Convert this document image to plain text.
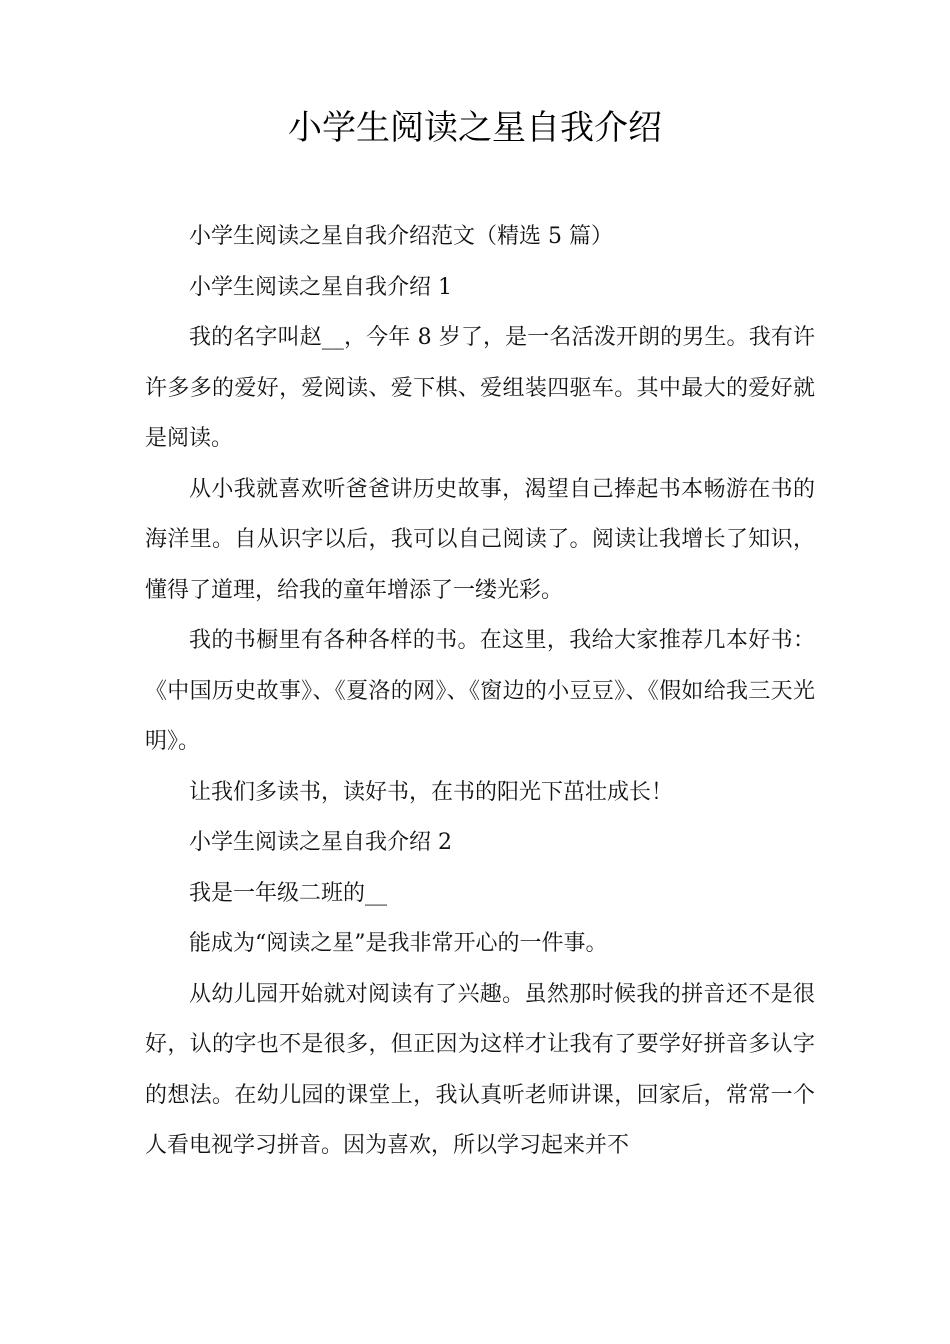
小学生阅读之星自我介绍

小学生阅读之星自我介绍范文（精选 5 篇）

小学生阅读之星自我介绍 1

我的名字叫赵__，今年 8 岁了，是一名活泼开朗的男生。我有许许多多的爱好，爱阅读、爱下棋、爱组装四驱车。其中最大的爱好就是阅读。

从小我就喜欢听爸爸讲历史故事，渴望自己捧起书本畅游在书的海洋里。自从识字以后，我可以自己阅读了。阅读让我增长了知识，懂得了道理，给我的童年增添了一缕光彩。

我的书橱里有各种各样的书。在这里，我给大家推荐几本好书：《中国历史故事》、《夏洛的网》、《窗边的小豆豆》、《假如给我三天光明》。

让我们多读书，读好书，在书的阳光下茁壮成长！

小学生阅读之星自我介绍 2

我是一年级二班的__

能成为“阅读之星”是我非常开心的一件事。

从幼儿园开始就对阅读有了兴趣。虽然那时候我的拼音还不是很好，认的字也不是很多，但正因为这样才让我有了要学好拼音多认字的想法。在幼儿园的课堂上，我认真听老师讲课，回家后，常常一个人看电视学习拼音。因为喜欢，所以学习起来并不
